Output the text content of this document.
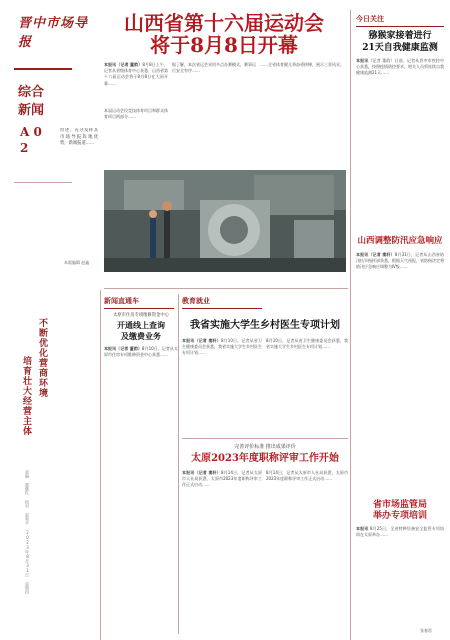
晋中市场导报
综合新闻
A 02
坦述，充分发挥其市场导报阵地优势，新闻报道……
本版编辑 赵鑫
不断优化营商环境
培育壮大经营主体
责编 董继红 校对 赵和平 2023年8月31日 星期四
山西省第十六届运动会
将于8月8日开幕
本报讯（记者 董韵）8月8日上午，记者从省级体育中心获悉，山西省第十六届运动会将于8月8日在大同开幕……
本届运动会设竞技体育项目和群众体育项目两部分……
据了解，本次省运会采用多点办赛模式，赛事运行安全有序……
……全省体育健儿将奋勇拼搏，展示三晋风采。
今日关注
猕猴家接着进行
21天自我健康监测
本报讯（记者 董韵）日前，记者从晋中市疾控中心获悉，按照疫情防控要求，相关人员须连续自我健康监测21天……
山西调整防汛应急响应
本报讯（记者 秦轩）8月31日，记者从山西省防汛抗旱指挥部获悉，根据天气预报，省防指决定将防汛应急响应调整为Ⅳ级……
省市场监管局
举办专项培训
本报讯 8月25日，全省特种设备安全监管专项培训在太原举办……
张春雷
新闻直通车
太原市住房专项维修资金中心
开通线上查询
及缴费业务
本报讯（记者 董韵）8月10日，记者从太原市住房专项维修资金中心获悉……
教育就业
我省实施大学生乡村医生专项计划
本报讯（记者 秦轩）8月10日，记者从省卫生健康委员会获悉，我省实施大学生乡村医生专项计划……
8月10日，记者从省卫生健康委员会获悉，我省实施大学生乡村医生专项计划……
完善评价标准 推出成果评价
太原2023年度职称评审工作开始
本报讯（记者 秦轩）8月14日，记者从太原市人社局获悉，太原市2023年度职称评审工作正式启动……
8月14日，记者从太原市人社局获悉，太原市2023年度职称评审工作正式启动……
